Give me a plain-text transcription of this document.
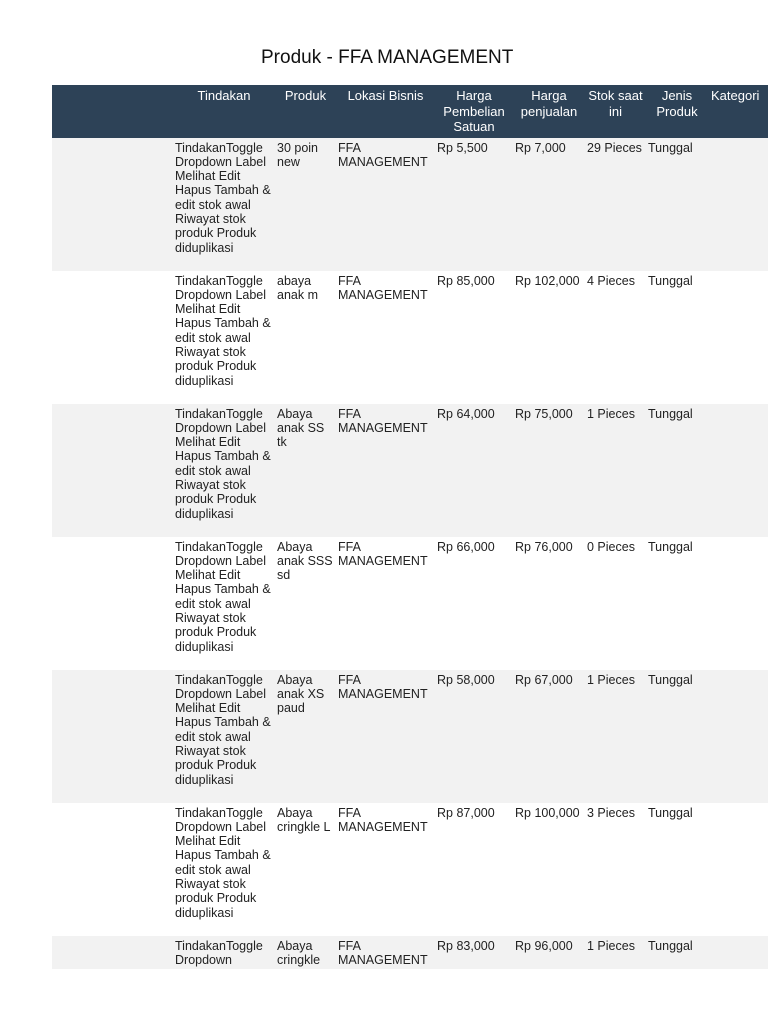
Produk - FFA MANAGEMENT
	Tindakan	Produk	Lokasi Bisnis	Harga Pembelian Satuan	Harga penjualan	Stok saat ini	Jenis Produk	Kategori
	TindakanToggle Dropdown Label Melihat Edit Hapus Tambah & edit stok awal Riwayat stok produk Produk diduplikasi	30 poin new	FFA MANAGEMENT	Rp 5,500	Rp 7,000	29 Pieces	Tunggal	
	TindakanToggle Dropdown Label Melihat Edit Hapus Tambah & edit stok awal Riwayat stok produk Produk diduplikasi	abaya anak m	FFA MANAGEMENT	Rp 85,000	Rp 102,000	4 Pieces	Tunggal	
	TindakanToggle Dropdown Label Melihat Edit Hapus Tambah & edit stok awal Riwayat stok produk Produk diduplikasi	Abaya anak SS tk	FFA MANAGEMENT	Rp 64,000	Rp 75,000	1 Pieces	Tunggal	
	TindakanToggle Dropdown Label Melihat Edit Hapus Tambah & edit stok awal Riwayat stok produk Produk diduplikasi	Abaya anak SSS sd	FFA MANAGEMENT	Rp 66,000	Rp 76,000	0 Pieces	Tunggal	
	TindakanToggle Dropdown Label Melihat Edit Hapus Tambah & edit stok awal Riwayat stok produk Produk diduplikasi	Abaya anak XS paud	FFA MANAGEMENT	Rp 58,000	Rp 67,000	1 Pieces	Tunggal	
	TindakanToggle Dropdown Label Melihat Edit Hapus Tambah & edit stok awal Riwayat stok produk Produk diduplikasi	Abaya cringkle L	FFA MANAGEMENT	Rp 87,000	Rp 100,000	3 Pieces	Tunggal	
	TindakanToggle Dropdown	Abaya cringkle	FFA MANAGEMENT	Rp 83,000	Rp 96,000	1 Pieces	Tunggal	
